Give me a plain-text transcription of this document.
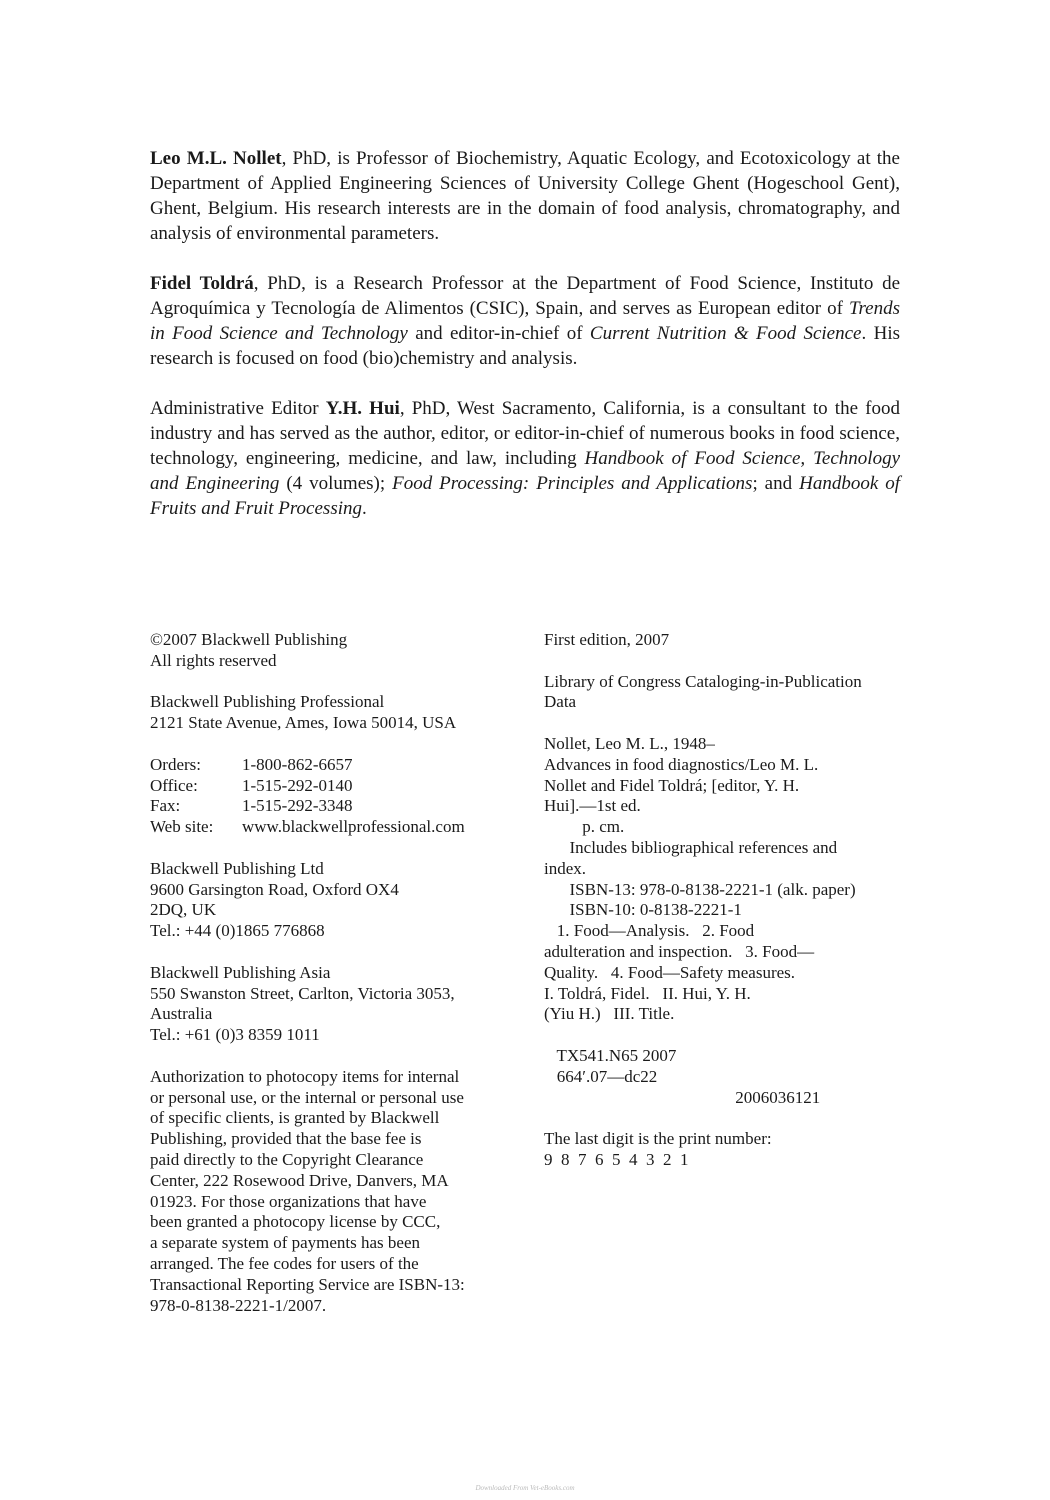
Leo M.L. Nollet, PhD, is Professor of Biochemistry, Aquatic Ecology, and Ecotoxicology at the Department of Applied Engineering Sciences of University College Ghent (Hogeschool Gent), Ghent, Belgium. His research interests are in the domain of food analysis, chromatography, and analysis of environmental parameters.
Fidel Toldrá, PhD, is a Research Professor at the Department of Food Science, Instituto de Agroquímica y Tecnología de Alimentos (CSIC), Spain, and serves as European editor of Trends in Food Science and Technology and editor-in-chief of Current Nutrition & Food Science. His research is focused on food (bio)chemistry and analysis.
Administrative Editor Y.H. Hui, PhD, West Sacramento, California, is a consultant to the food industry and has served as the author, editor, or editor-in-chief of numerous books in food science, technology, engineering, medicine, and law, including Handbook of Food Science, Technology and Engineering (4 volumes); Food Processing: Principles and Applications; and Handbook of Fruits and Fruit Processing.

©2007 Blackwell Publishing
All rights reserved

Blackwell Publishing Professional
2121 State Avenue, Ames, Iowa 50014, USA

Orders:	1-800-862-6657
Office:	1-515-292-0140
Fax:	1-515-292-3348
Web site:	www.blackwellprofessional.com

Blackwell Publishing Ltd
9600 Garsington Road, Oxford OX4
2DQ, UK
Tel.: +44 (0)1865 776868

Blackwell Publishing Asia
550 Swanston Street, Carlton, Victoria 3053,
Australia
Tel.: +61 (0)3 8359 1011

Authorization to photocopy items for internal
or personal use, or the internal or personal use
of specific clients, is granted by Blackwell
Publishing, provided that the base fee is
paid directly to the Copyright Clearance
Center, 222 Rosewood Drive, Danvers, MA
01923. For those organizations that have
been granted a photocopy license by CCC,
a separate system of payments has been
arranged. The fee codes for users of the
Transactional Reporting Service are ISBN-13:
978-0-8138-2221-1/2007.

First edition, 2007

Library of Congress Cataloging-in-Publication
Data

Nollet, Leo M. L., 1948–
Advances in food diagnostics/Leo M. L.
Nollet and Fidel Toldrá; [editor, Y. H.
Hui].—1st ed.
p. cm.
Includes bibliographical references and
index.
ISBN-13: 978-0-8138-2221-1 (alk. paper)
ISBN-10: 0-8138-2221-1
1. Food—Analysis.   2. Food
adulteration and inspection.   3. Food—
Quality.   4. Food—Safety measures.
I. Toldrá, Fidel.   II. Hui, Y. H.
(Yiu H.)   III. Title.

TX541.N65 2007
664′.07—dc22
2006036121

The last digit is the print number:
9  8  7  6  5  4  3  2  1

Downloaded From Vet-eBooks.com
